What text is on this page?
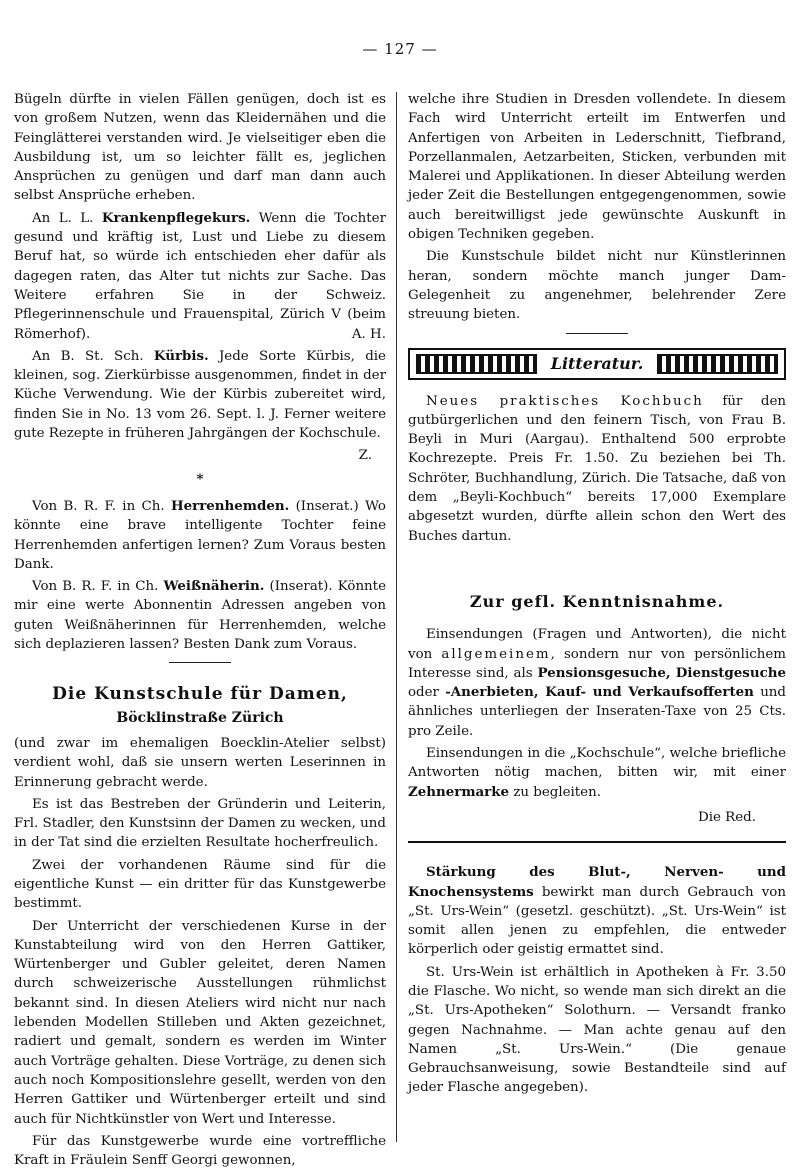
— 127 —

Bügeln dürfte in vielen Fällen genügen, doch ist es von großem Nutzen, wenn das Kleidernähen und die Feinglätterei verstanden wird. Je vielseitiger eben die Ausbildung ist, um so leichter fällt es, jeglichen Ansprüchen zu genügen und darf man dann auch selbst Ansprüche erheben.

An L. L. Krankenpflegekurs. Wenn die Tochter gesund und kräftig ist, Lust und Liebe zu diesem Beruf hat, so würde ich entschieden eher dafür als dagegen raten, das Alter tut nichts zur Sache. Das Weitere erfahren Sie in der Schweiz. Pflegerinnenschule und Frauenspital, Zürich V (beim Römerhof).	A. H.

An B. St. Sch. Kürbis. Jede Sorte Kürbis, die kleinen, sog. Zierkürbisse ausgenommen, findet in der Küche Verwendung. Wie der Kürbis zubereitet wird, finden Sie in No. 13 vom 26. Sept. l. J. Ferner weitere gute Rezepte in früheren Jahrgängen der Kochschule.

Z.
*

Von B. R. F. in Ch. Herrenhemden. (Inserat.) Wo könnte eine brave intelligente Tochter feine Herrenhemden anfertigen lernen? Zum Voraus besten Dank.

Von B. R. F. in Ch. Weißnäherin. (Inserat). Könnte mir eine werte Abonnentin Adressen angeben von guten Weißnäherinnen für Herrenhemden, welche sich deplazieren lassen? Besten Dank zum Voraus.

Die Kunstschule für Damen,
Böcklinstraße Zürich

(und zwar im ehemaligen Boecklin-Atelier selbst) verdient wohl, daß sie unsern werten Leserinnen in Erinnerung gebracht werde.

Es ist das Bestreben der Gründerin und Leiterin, Frl. Stadler, den Kunstsinn der Damen zu wecken, und in der Tat sind die erzielten Resultate hocherfreulich.

Zwei der vorhandenen Räume sind für die eigentliche Kunst — ein dritter für das Kunstgewerbe bestimmt.

Der Unterricht der verschiedenen Kurse in der Kunstabteilung wird von den Herren Gattiker, Würtenberger und Gubler geleitet, deren Namen durch schweizerische Ausstellungen rühmlichst bekannt sind. In diesen Ateliers wird nicht nur nach lebenden Modellen Stilleben und Akten gezeichnet, radiert und gemalt, sondern es werden im Winter auch Vorträge gehalten. Diese Vorträge, zu denen sich auch noch Kompositionslehre gesellt, werden von den Herren Gattiker und Würtenberger erteilt und sind auch für Nichtkünstler von Wert und Interesse.

Für das Kunstgewerbe wurde eine vortreffliche Kraft in Fräulein Senff Georgi gewonnen,

welche ihre Studien in Dresden vollendete. In diesem Fach wird Unterricht erteilt im Entwerfen und Anfertigen von Arbeiten in Lederschnitt, Tiefbrand, Porzellanmalen, Aetzarbeiten, Sticken, verbunden mit Malerei und Applikationen. In dieser Abteilung werden jeder Zeit die Bestellungen entgegengenommen, sowie auch bereitwilligst jede gewünschte Auskunft in obigen Techniken gegeben.

Die Kunstschule bildet nicht nur Künstlerinnen heran, sondern möchte manch junger Dam- Gelegenheit zu angenehmer, belehrender Zere streuung bieten.

Litteratur.

Neues praktisches Kochbuch für den gutbürgerlichen und den feinern Tisch, von Frau B. Beyli in Muri (Aargau). Enthaltend 500 erprobte Kochrezepte. Preis Fr. 1.50. Zu beziehen bei Th. Schröter, Buchhandlung, Zürich. Die Tatsache, daß von dem „Beyli-Kochbuch“ bereits 17,000 Exemplare abgesetzt wurden, dürfte allein schon den Wert des Buches dartun.

Zur gefl. Kenntnisnahme.

Einsendungen (Fragen und Antworten), die nicht von allgemeinem, sondern nur von persönlichem Interesse sind, als Pensionsgesuche, Dienstgesuche oder -Anerbieten, Kauf- und Verkaufsofferten und ähnliches unterliegen der Inseraten-Taxe von 25 Cts. pro Zeile.

Einsendungen in die „Kochschule“, welche briefliche Antworten nötig machen, bitten wir, mit einer Zehnermarke zu begleiten.

Die Red.

Stärkung des Blut-, Nerven- und Knochensystems bewirkt man durch Gebrauch von „St. Urs-Wein“ (gesetzl. geschützt). „St. Urs-Wein“ ist somit allen jenen zu empfehlen, die entweder körperlich oder geistig ermattet sind.

St. Urs-Wein ist erhältlich in Apotheken à Fr. 3.50 die Flasche. Wo nicht, so wende man sich direkt an die „St. Urs-Apotheken“ Solothurn. — Versandt franko gegen Nachnahme. — Man achte genau auf den Namen „St. Urs-Wein.“ (Die genaue Gebrauchsanweisung, sowie Bestandteile sind auf jeder Flasche angegeben).
